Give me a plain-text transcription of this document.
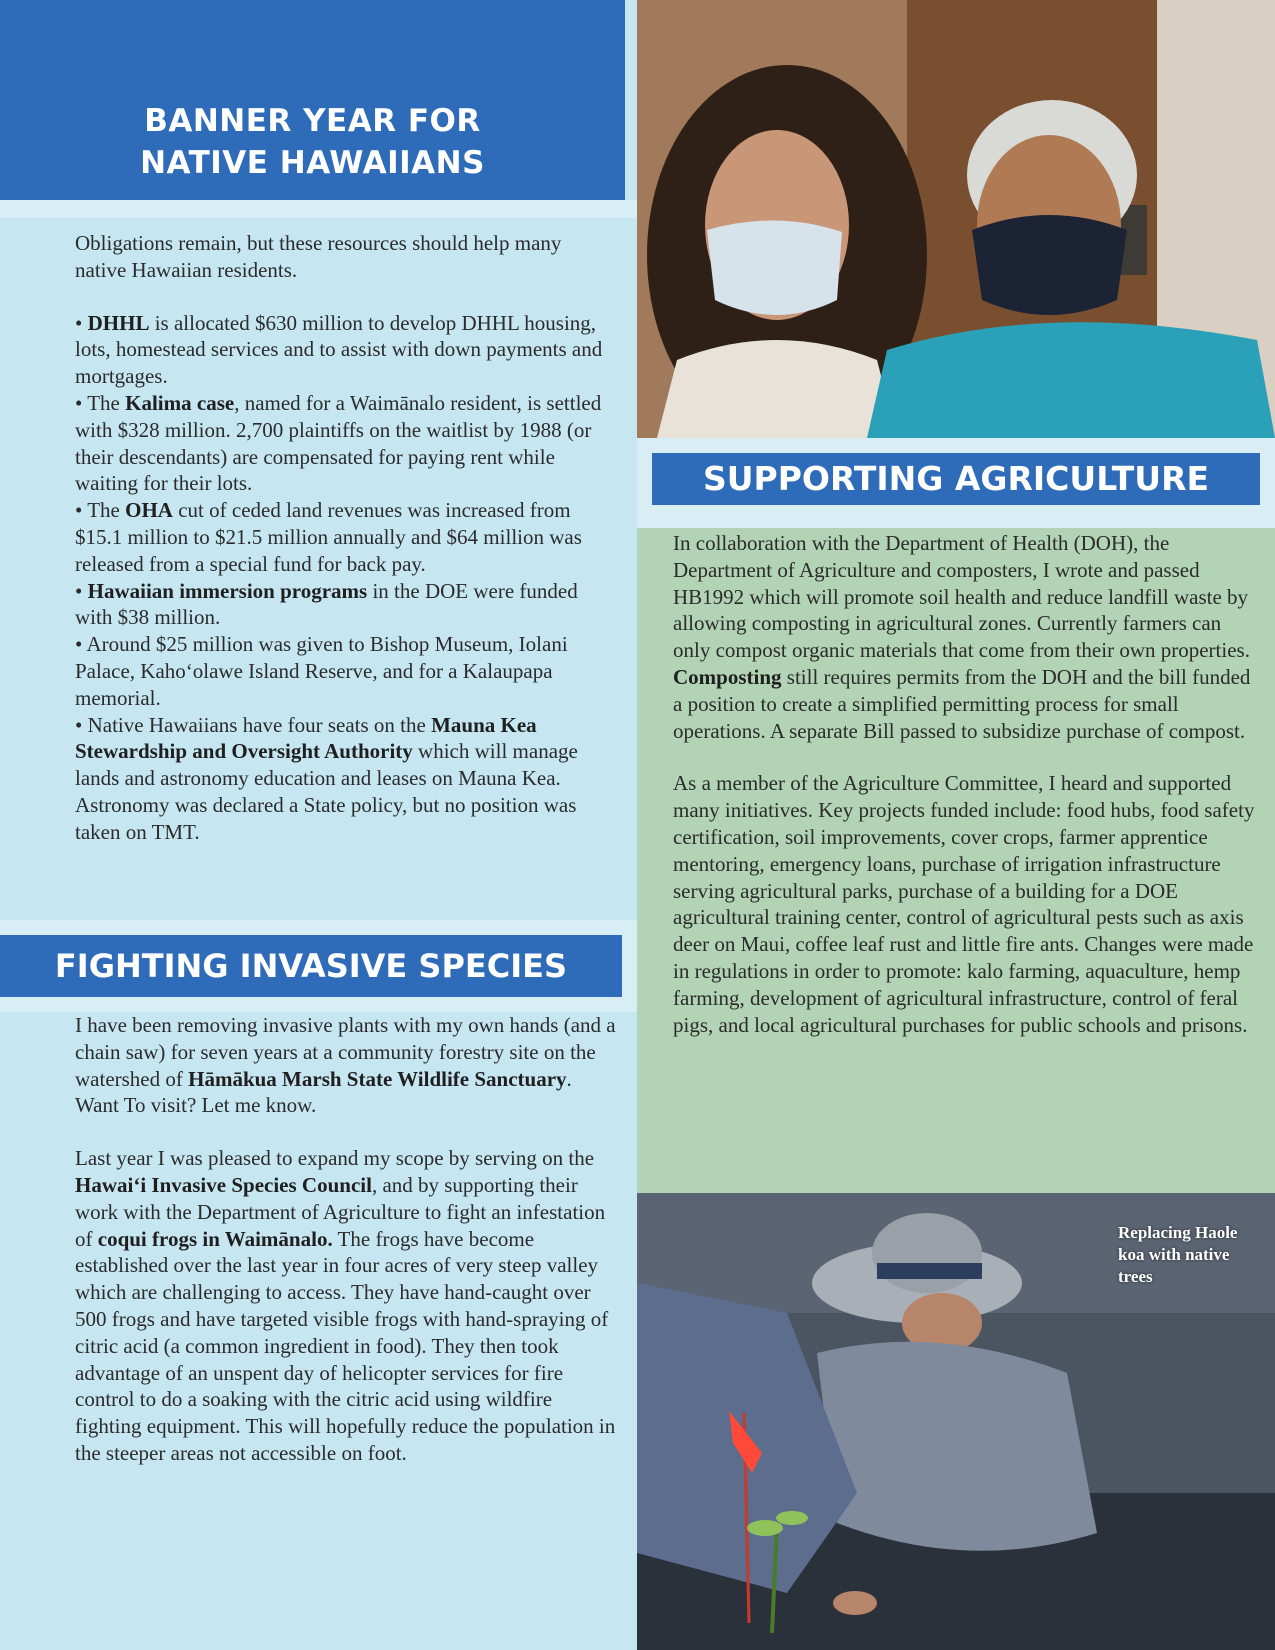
BANNER YEAR FOR
NATIVE HAWAIIANS

Obligations remain, but these resources should help many native Hawaiian residents.

• DHHL is allocated $630 million to develop DHHL housing, lots, homestead services and to assist with down payments and mortgages.

• The Kalima case, named for a Waimānalo resident, is settled with $328 million. 2,700 plaintiffs on the waitlist by 1988 (or their descendants) are compensated for paying rent while waiting for their lots.

• The OHA cut of ceded land revenues was increased from $15.1 million to $21.5 million annually and $64 million was released from a special fund for back pay.

• Hawaiian immersion programs in the DOE were funded with $38 million.

• Around $25 million was given to Bishop Museum, Iolani Palace, Kahoʻolawe Island Reserve, and for a Kalaupapa memorial.

• Native Hawaiians have four seats on the Mauna Kea Stewardship and Oversight Authority which will manage lands and astronomy education and leases on Mauna Kea. Astronomy was declared a State policy, but no position was taken on TMT.

FIGHTING INVASIVE SPECIES

I have been removing invasive plants with my own hands (and a chain saw) for seven years at a community forestry site on the watershed of Hāmākua Marsh State Wildlife Sanctuary. Want To visit? Let me know.

Last year I was pleased to expand my scope by serving on the Hawaiʻi Invasive Species Council, and by supporting their work with the Department of Agriculture to fight an infestation of coqui frogs in Waimānalo. The frogs have become established over the last year in four acres of very steep valley which are challenging to access. They have hand-caught over 500 frogs and have targeted visible frogs with hand-spraying of citric acid (a common ingredient in food). They then took advantage of an unspent day of helicopter services for fire control to do a soaking with the citric acid using wildfire fighting equipment. This will hopefully reduce the population in the steeper areas not accessible on foot.

SUPPORTING AGRICULTURE

In collaboration with the Department of Health (DOH), the Department of Agriculture and composters, I wrote and passed HB1992 which will promote soil health and reduce landfill waste by allowing composting in agricultural zones. Currently farmers can only compost organic materials that come from their own properties. Composting still requires permits from the DOH and the bill funded a position to create a simplified permitting process for small operations. A separate Bill passed to subsidize purchase of compost.

As a member of the Agriculture Committee, I heard and supported many initiatives. Key projects funded include: food hubs, food safety certification, soil improvements, cover crops, farmer apprentice mentoring, emergency loans, purchase of irrigation infrastructure serving agricultural parks, purchase of a building for a DOE agricultural training center, control of agricultural pests such as axis deer on Maui, coffee leaf rust and little fire ants. Changes were made in regulations in order to promote: kalo farming, aquaculture, hemp farming, development of agricultural infrastructure, control of feral pigs, and local agricultural purchases for public schools and prisons.

Replacing Haole koa with native trees
